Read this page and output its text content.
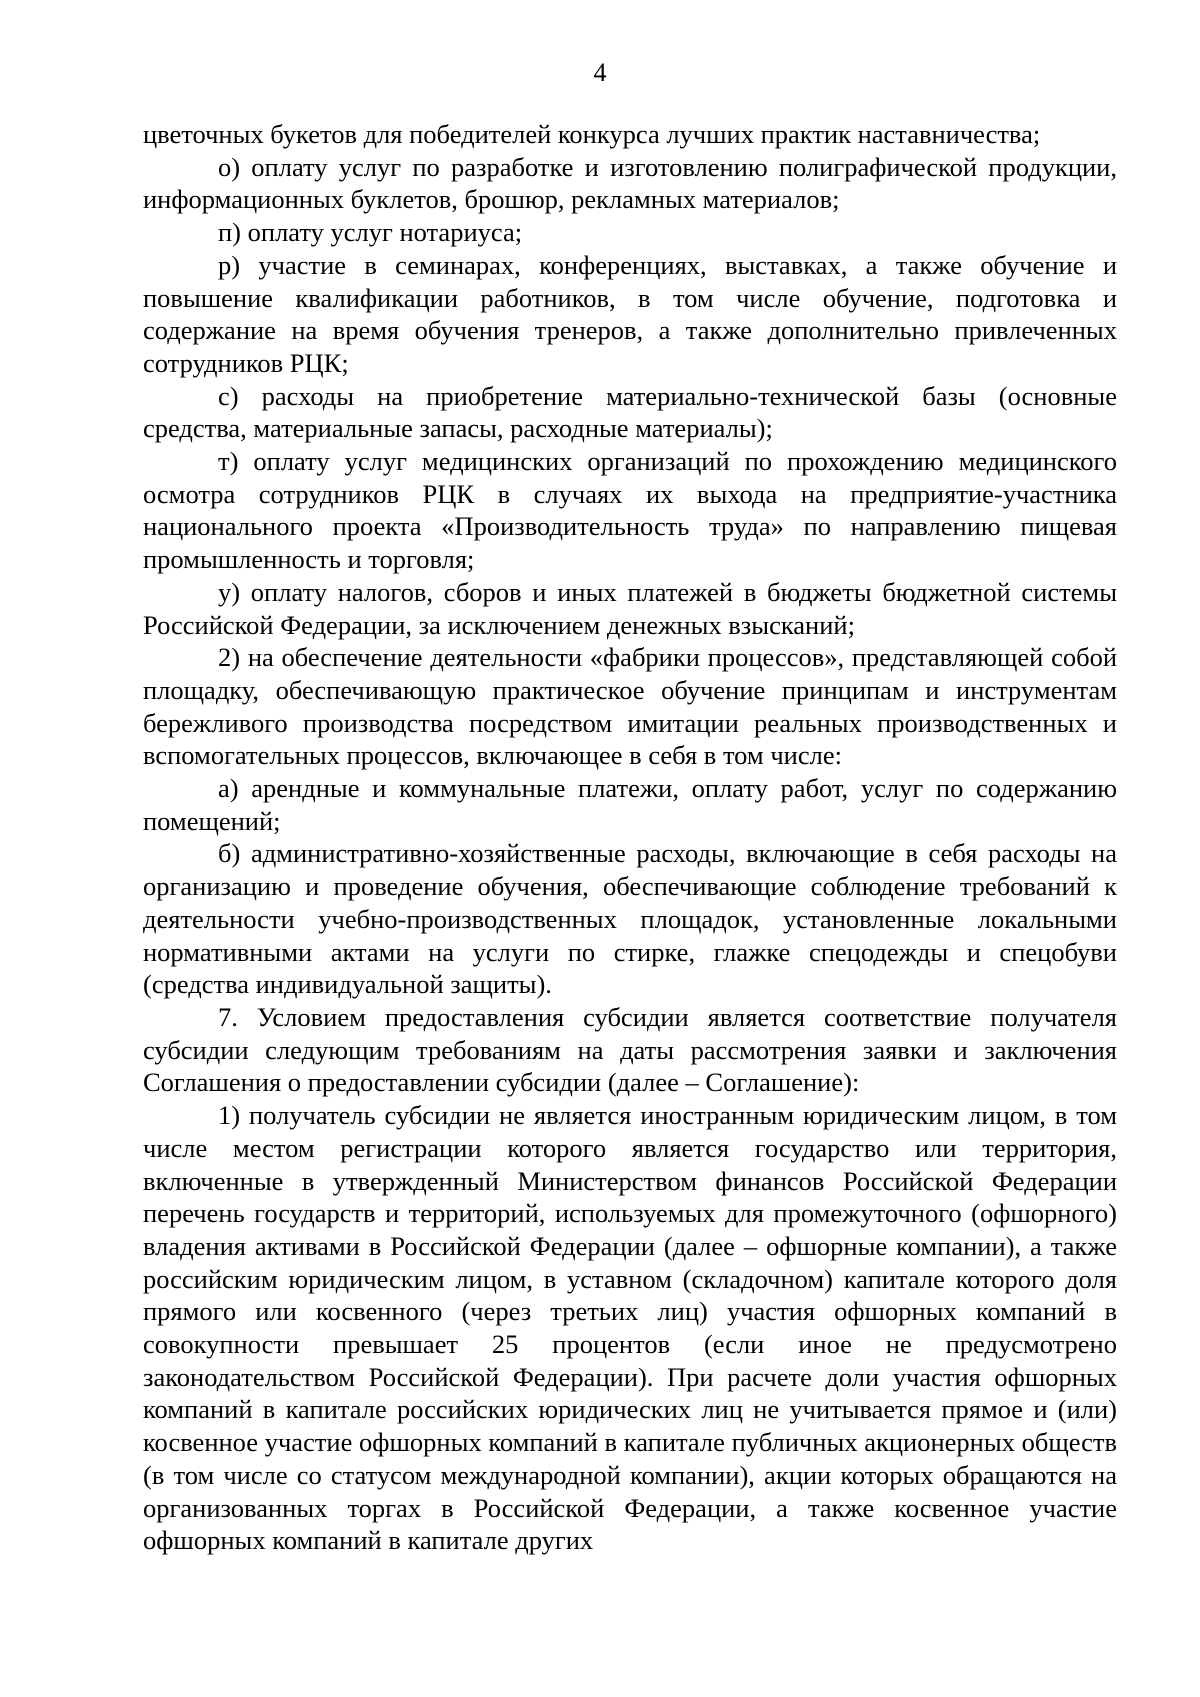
4

цветочных букетов для победителей конкурса лучших практик наставничества;

о) оплату услуг по разработке и изготовлению полиграфической продукции, информационных буклетов, брошюр, рекламных материалов;

п) оплату услуг нотариуса;

р) участие в семинарах, конференциях, выставках, а также обучение и повышение квалификации работников, в том числе обучение, подготовка и содержание на время обучения тренеров, а также дополнительно привлеченных сотрудников РЦК;

с) расходы на приобретение материально-технической базы (основные средства, материальные запасы, расходные материалы);

т) оплату услуг медицинских организаций по прохождению медицинского осмотра сотрудников РЦК в случаях их выхода на предприятие-участника национального проекта «Производительность труда» по направлению пищевая промышленность и торговля;

у) оплату налогов, сборов и иных платежей в бюджеты бюджетной системы Российской Федерации, за исключением денежных взысканий;

2) на обеспечение деятельности «фабрики процессов», представляющей собой площадку, обеспечивающую практическое обучение принципам и инструментам бережливого производства посредством имитации реальных производственных и вспомогательных процессов, включающее в себя в том числе:

а) арендные и коммунальные платежи, оплату работ, услуг по содержанию помещений;

б) административно-хозяйственные расходы, включающие в себя расходы на организацию и проведение обучения, обеспечивающие соблюдение требований к деятельности учебно-производственных площадок, установленные локальными нормативными актами на услуги по стирке, глажке спецодежды и спецобуви (средства индивидуальной защиты).

7. Условием предоставления субсидии является соответствие получателя субсидии следующим требованиям на даты рассмотрения заявки и заключения Соглашения о предоставлении субсидии (далее – Соглашение):

1) получатель субсидии не является иностранным юридическим лицом, в том числе местом регистрации которого является государство или территория, включенные в утвержденный Министерством финансов Российской Федерации перечень государств и территорий, используемых для промежуточного (офшорного) владения активами в Российской Федерации (далее – офшорные компании), а также российским юридическим лицом, в уставном (складочном) капитале которого доля прямого или косвенного (через третьих лиц) участия офшорных компаний в совокупности превышает 25 процентов (если иное не предусмотрено законодательством Российской Федерации). При расчете доли участия офшорных компаний в капитале российских юридических лиц не учитывается прямое и (или) косвенное участие офшорных компаний в капитале публичных акционерных обществ (в том числе со статусом международной компании), акции которых обращаются на организованных торгах в Российской Федерации, а также косвенное участие офшорных компаний в капитале других
